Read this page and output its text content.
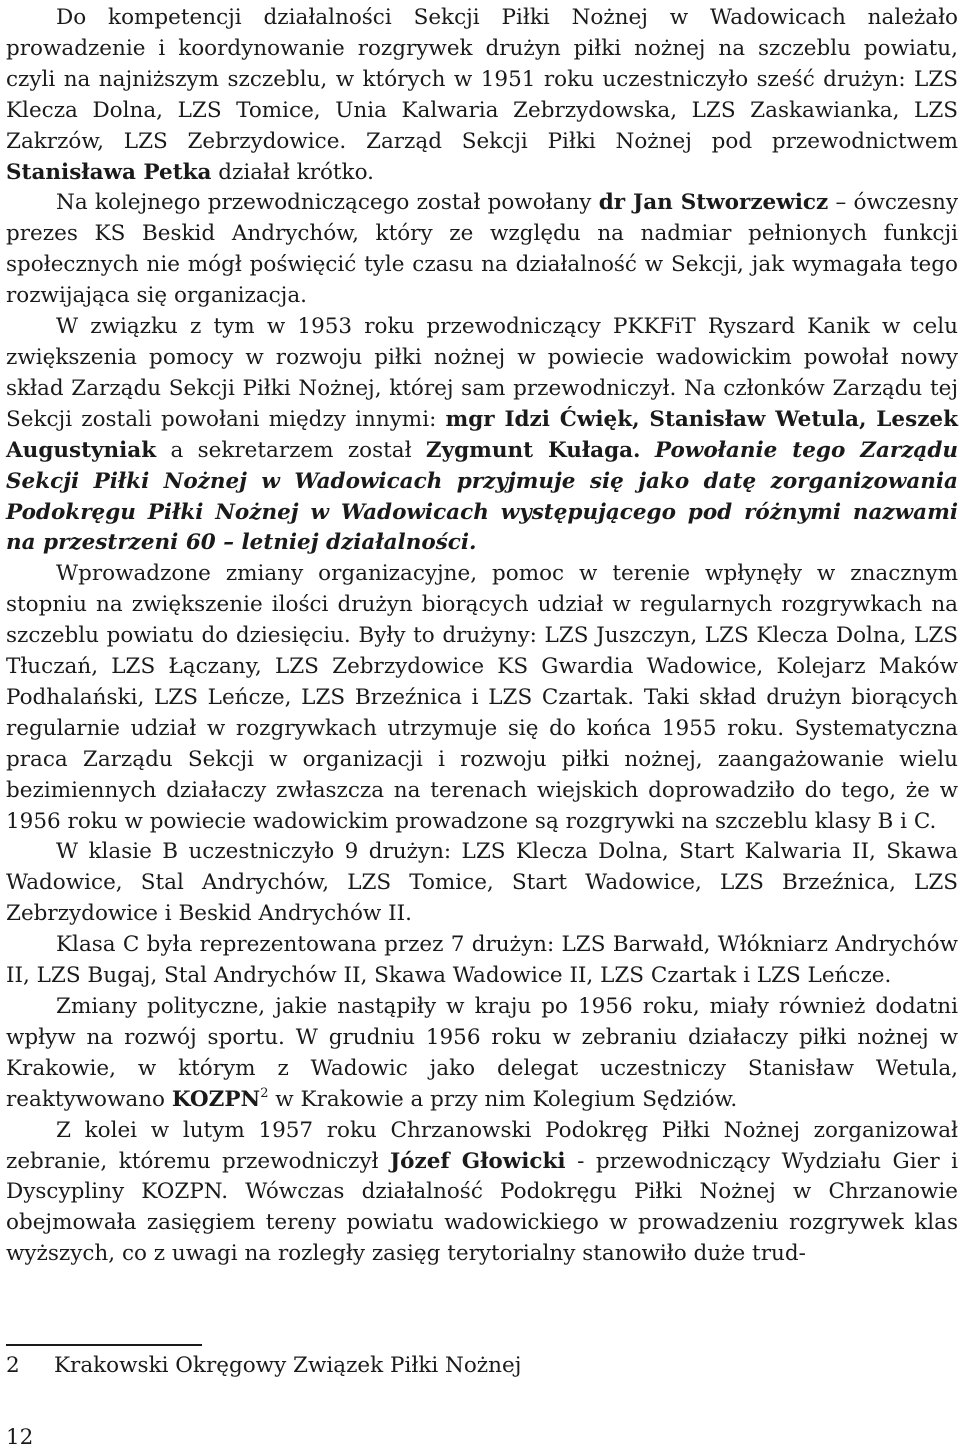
Do kompetencji działalności Sekcji Piłki Nożnej w Wadowicach należało prowadzenie i koordynowanie rozgrywek drużyn piłki nożnej na szczeblu powiatu, czyli na najniższym szczeblu, w których w 1951 roku uczestniczyło sześć drużyn: LZS Klecza Dolna, LZS Tomice, Unia Kalwaria Zebrzydowska, LZS Zaskawianka, LZS Zakrzów, LZS Zebrzydowice. Zarząd Sekcji Piłki Nożnej pod przewodnictwem Stanisława Petka działał krótko.

Na kolejnego przewodniczącego został powołany dr Jan Stworzewicz – ówczesny prezes KS Beskid Andrychów, który ze względu na nadmiar pełnionych funkcji społecznych nie mógł poświęcić tyle czasu na działalność w Sekcji, jak wymagała tego rozwijająca się organizacja.

W związku z tym w 1953 roku przewodniczący PKKFiT Ryszard Kanik w celu zwiększenia pomocy w rozwoju piłki nożnej w powiecie wadowickim powołał nowy skład Zarządu Sekcji Piłki Nożnej, której sam przewodniczył. Na członków Zarządu tej Sekcji zostali powołani między innymi: mgr Idzi Ćwięk, Stanisław Wetula, Leszek Augustyniak a sekretarzem został Zygmunt Kułaga. Powołanie tego Zarządu Sekcji Piłki Nożnej w Wadowicach przyjmuje się jako datę zorganizowania Podokręgu Piłki Nożnej w Wadowicach występującego pod różnymi nazwami na przestrzeni 60 – letniej działalności.

Wprowadzone zmiany organizacyjne, pomoc w terenie wpłynęły w znacznym stopniu na zwiększenie ilości drużyn biorących udział w regularnych rozgrywkach na szczeblu powiatu do dziesięciu. Były to drużyny: LZS Juszczyn, LZS Klecza Dolna, LZS Tłuczań, LZS Łączany, LZS Zebrzydowice KS Gwardia Wadowice, Kolejarz Maków Podhalański, LZS Leńcze, LZS Brzeźnica i LZS Czartak. Taki skład drużyn biorących regularnie udział w rozgrywkach utrzymuje się do końca 1955 roku. Systematyczna praca Zarządu Sekcji w organizacji i rozwoju piłki nożnej, zaangażowanie wielu bezimiennych działaczy zwłaszcza na terenach wiejskich doprowadziło do tego, że w 1956 roku w powiecie wadowickim prowadzone są rozgrywki na szczeblu klasy B i C.

W klasie B uczestniczyło 9 drużyn: LZS Klecza Dolna, Start Kalwaria II, Skawa Wadowice, Stal Andrychów, LZS Tomice, Start Wadowice, LZS Brzeźnica, LZS Zebrzydowice i Beskid Andrychów II.

Klasa C była reprezentowana przez 7 drużyn: LZS Barwałd, Włókniarz Andrychów II, LZS Bugaj, Stal Andrychów II, Skawa Wadowice II, LZS Czartak i LZS Leńcze.

Zmiany polityczne, jakie nastąpiły w kraju po 1956 roku, miały również dodatni wpływ na rozwój sportu. W grudniu 1956 roku w zebraniu działaczy piłki nożnej w Krakowie, w którym z Wadowic jako delegat uczestniczy Stanisław Wetula, reaktywowano KOZPN$^2$ w Krakowie a przy nim Kolegium Sędziów.

Z kolei w lutym 1957 roku Chrzanowski Podokręg Piłki Nożnej zorganizował zebranie, któremu przewodniczył Józef Głowicki - przewodniczący Wydziału Gier i Dyscypliny KOZPN. Wówczas działalność Podokręgu Piłki Nożnej w Chrzanowie obejmowała zasięgiem tereny powiatu wadowickiego w prowadzeniu rozgrywek klas wyższych, co z uwagi na rozległy zasięg terytorialny stanowiło duże trud-

2 Krakowski Okręgowy Związek Piłki Nożnej
12
